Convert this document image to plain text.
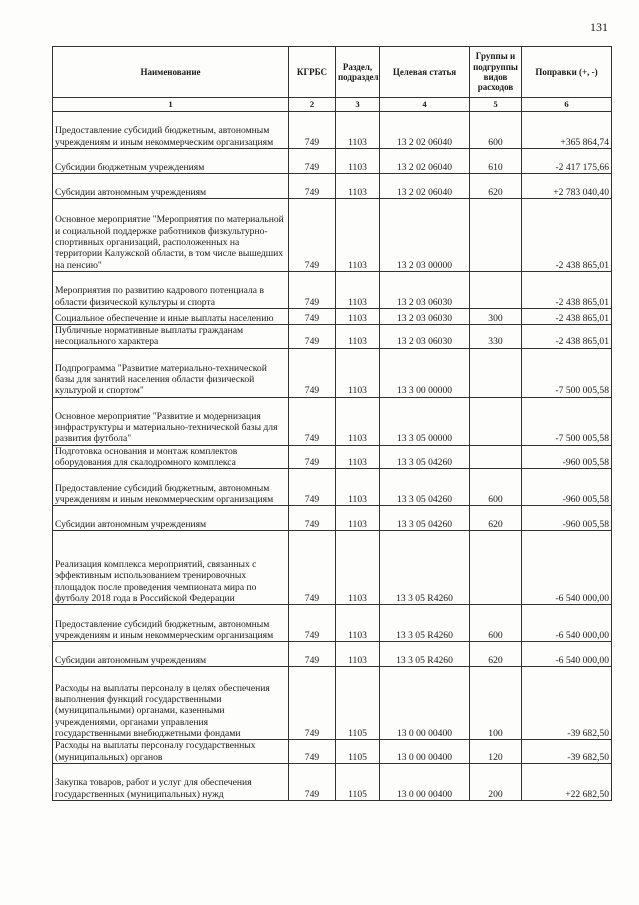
131
Наименование	КГРБС	Раздел, подраздел	Целевая статья	Группы и подгруппы видов расходов	Поправки (+, -)
1	2	3	4	5	6
Предоставление субсидий бюджетным, автономным учреждениям и иным некоммерческим организациям	749	1103	13 2 02 06040	600	+365 864,74
Субсидии бюджетным учреждениям	749	1103	13 2 02 06040	610	-2 417 175,66
Субсидии автономным учреждениям	749	1103	13 2 02 06040	620	+2 783 040,40
Основное мероприятие "Мероприятия по материальной и социальной поддержке работников физкультурно-спортивных организаций, расположенных на территории Калужской области, в том числе вышедших на пенсию"	749	1103	13 2 03 00000		-2 438 865,01
Мероприятия по развитию кадрового потенциала в области физической культуры и спорта	749	1103	13 2 03 06030		-2 438 865,01
Социальное обеспечение и иные выплаты населению	749	1103	13 2 03 06030	300	-2 438 865,01
Публичные нормативные выплаты гражданам несоциального характера	749	1103	13 2 03 06030	330	-2 438 865,01
Подпрограмма "Развитие материально-технической базы для занятий населения области физической культурой и спортом"	749	1103	13 3 00 00000		-7 500 005,58
Основное мероприятие "Развитие и модернизация инфраструктуры и материально-технической базы для развития футбола"	749	1103	13 3 05 00000		-7 500 005,58
Подготовка основания и монтаж комплектов оборудования для скалодромного комплекса	749	1103	13 3 05 04260		-960 005,58
Предоставление субсидий бюджетным, автономным учреждениям и иным некоммерческим организациям	749	1103	13 3 05 04260	600	-960 005,58
Субсидии автономным учреждениям	749	1103	13 3 05 04260	620	-960 005,58
Реализация комплекса мероприятий, связанных с эффективным использованием тренировочных площадок после проведения чемпионата мира по футболу 2018 года в Российской Федерации	749	1103	13 3 05 R4260		-6 540 000,00
Предоставление субсидий бюджетным, автономным учреждениям и иным некоммерческим организациям	749	1103	13 3 05 R4260	600	-6 540 000,00
Субсидии автономным учреждениям	749	1103	13 3 05 R4260	620	-6 540 000,00
Расходы на выплаты персоналу в целях обеспечения выполнения функций государственными (муниципальными) органами, казенными учреждениями, органами управления государственными внебюджетными фондами	749	1105	13 0 00 00400	100	-39 682,50
Расходы на выплаты персоналу государственных (муниципальных) органов	749	1105	13 0 00 00400	120	-39 682,50
Закупка товаров, работ и услуг для обеспечения государственных (муниципальных) нужд	749	1105	13 0 00 00400	200	+22 682,50
